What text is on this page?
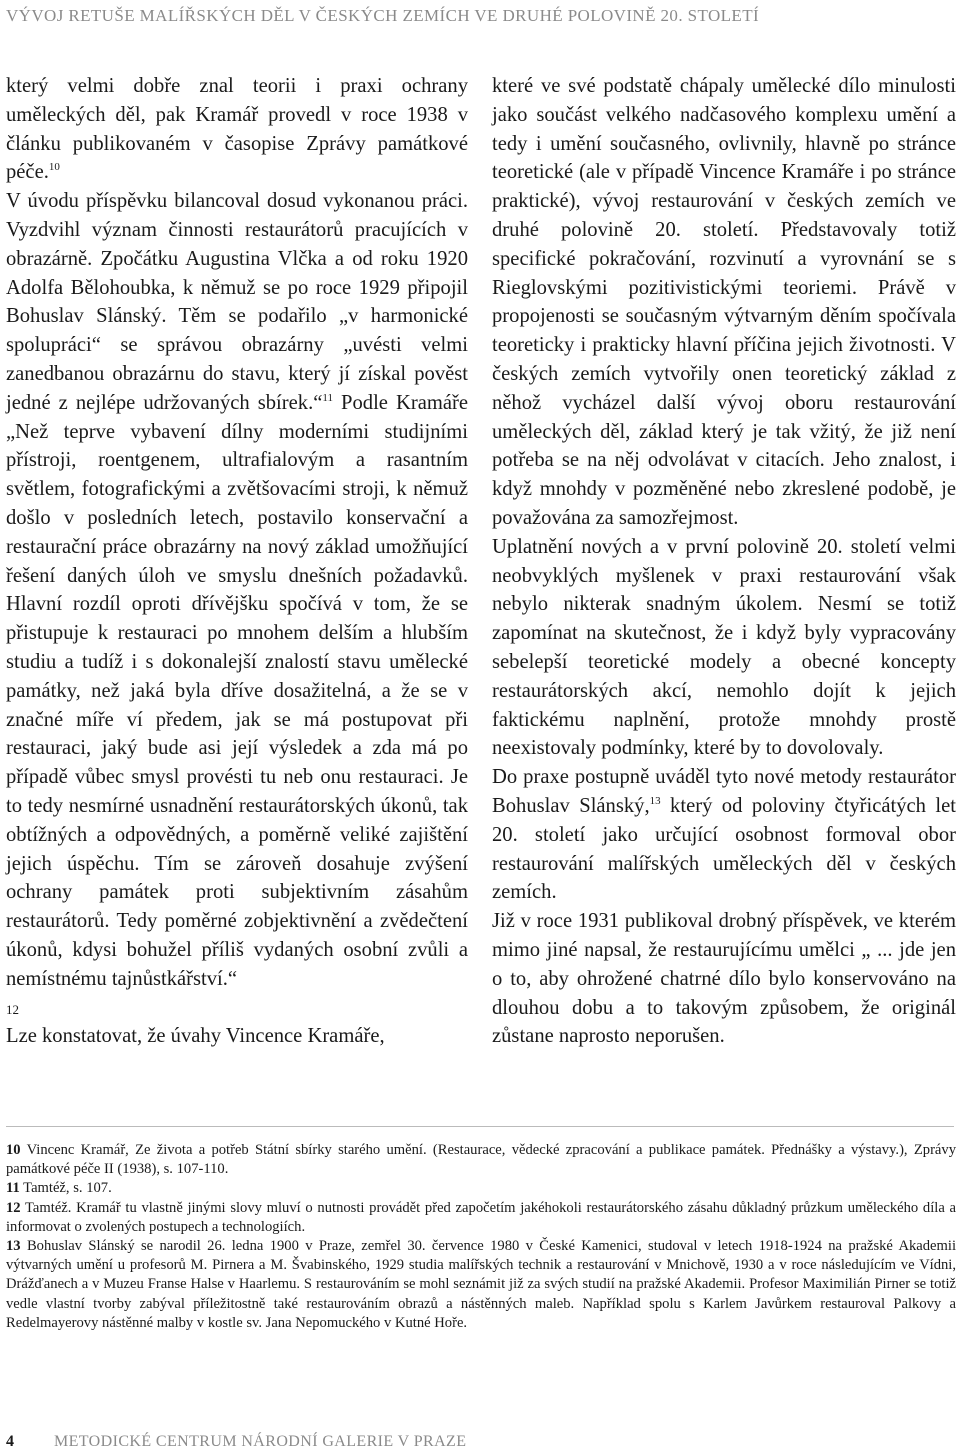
VÝVOJ RETUŠE MALÍŘSKÝCH DĚL V ČESKÝCH ZEMÍCH VE DRUHÉ POLOVINĚ 20. STOLETÍ

který velmi dobře znal teorii i praxi ochrany uměleckých děl, pak Kramář provedl v roce 1938 v článku publikovaném v časopise Zprávy památkové péče.$^{10}$

V úvodu příspěvku bilancoval dosud vykonanou práci. Vyzdvihl význam činnosti restaurátorů pracujících v obrazárně. Zpočátku Augustina Vlčka a od roku 1920 Adolfa Bělohoubka, k němuž se po roce 1929 připojil Bohuslav Slánský. Těm se podařilo „v harmonické spolupráci“ se správou obrazárny „uvésti velmi zanedbanou obrazárnu do stavu, který jí získal pověst jedné z nejlépe udržovaných sbírek.“$^{11}$ Podle Kramáře „Než teprve vybavení dílny moderními studijními přístroji, roentgenem, ultrafialovým a rasantním světlem, fotografickými a zvětšovacími stroji, k němuž došlo v posledních letech, postavilo konservační a restaurační práce obrazárny na nový základ umožňující řešení daných úloh ve smyslu dnešních požadavků. Hlavní rozdíl oproti dřívějšku spočívá v tom, že se přistupuje k restauraci po mnohem delším a hlubším studiu a tudíž i s dokonalejší znalostí stavu umělecké památky, než jaká byla dříve dosažitelná, a že se v značné míře ví předem, jak se má postupovat při restauraci, jaký bude asi její výsledek a zda má po případě vůbec smysl provésti tu neb onu restauraci. Je to tedy nesmírné usnadnění restaurátorských úkonů, tak obtížných a odpovědných, a poměrně veliké zajištění jejich úspěchu. Tím se zároveň dosahuje zvýšení ochrany památek proti subjektivním zásahům restaurátorů. Tedy poměrné zobjektivnění a zvědečtení úkonů, kdysi bohužel příliš vydaných osobní zvůli a nemístnému tajnůstkářství.“
12

Lze konstatovat, že úvahy Vincence Kramáře,

které ve své podstatě chápaly umělecké dílo minulosti jako součást velkého nadčasového komplexu umění a tedy i umění současného, ovlivnily, hlavně po stránce teoretické (ale v případě Vincence Kramáře i po stránce praktické), vývoj restaurování v českých zemích ve druhé polovině 20. století. Představovaly totiž specifické pokračování, rozvinutí a vyrovnání se s Rieglovskými pozitivistickými teoriemi. Právě v propojenosti se současným výtvarným děním spočívala teoreticky i prakticky hlavní příčina jejich životnosti. V českých zemích vytvořily onen teoretický základ z něhož vycházel další vývoj oboru restaurování uměleckých děl, základ který je tak vžitý, že již není potřeba se na něj odvolávat v citacích. Jeho znalost, i když mnohdy v pozměněné nebo zkreslené podobě, je považována za samozřejmost.

Uplatnění nových a v první polovině 20. století velmi neobvyklých myšlenek v praxi restaurování však nebylo nikterak snadným úkolem. Nesmí se totiž zapomínat na skutečnost, že i když byly vypracovány sebelepší teoretické modely a obecné koncepty restaurátorských akcí, nemohlo dojít k jejich faktickému naplnění, protože mnohdy prostě neexistovaly podmínky, které by to dovolovaly.

Do praxe postupně uváděl tyto nové metody restaurátor Bohuslav Slánský,$^{13}$ který od poloviny čtyřicátých let 20. století jako určující osobnost formoval obor restaurování malířských uměleckých děl v českých zemích.

Již v roce 1931 publikoval drobný příspěvek, ve kterém mimo jiné napsal, že restaurujícímu umělci „ ... jde jen o to, aby ohrožené chatrné dílo bylo konservováno na dlouhou dobu a to takovým způsobem, že originál zůstane naprosto neporušen.

10 Vincenc Kramář, Ze života a potřeb Státní sbírky starého umění. (Restaurace, vědecké zpracování a publikace památek. Přednášky a výstavy.), Zprávy památkové péče II (1938), s. 107-110.

11 Tamtéž, s. 107.

12 Tamtéž. Kramář tu vlastně jinými slovy mluví o nutnosti provádět před započetím jakéhokoli restaurátorského zásahu důkladný průzkum uměleckého díla a informovat o zvolených postupech a technologiích.

13 Bohuslav Slánský se narodil 26. ledna 1900 v Praze, zemřel 30. července 1980 v České Kamenici, studoval v letech 1918-1924 na pražské Akademii výtvarných umění u profesorů M. Pirnera a M. Švabinského, 1929 studia malířských technik a restaurování v Mnichově, 1930 a v roce následujícím ve Vídni, Drážďanech a v Muzeu Franse Halse v Haarlemu. S restaurováním se mohl seznámit již za svých studií na pražské Akademii. Profesor Maximilián Pirner se totiž vedle vlastní tvorby zabýval příležitostně také restaurováním obrazů a nástěnných maleb. Například spolu s Karlem Javůrkem restauroval Palkovy a Redelmayerovy nástěnné malby v kostle sv. Jana Nepomuckého v Kutné Hoře.

4	METODICKÉ CENTRUM NÁRODNÍ GALERIE V PRAZE
